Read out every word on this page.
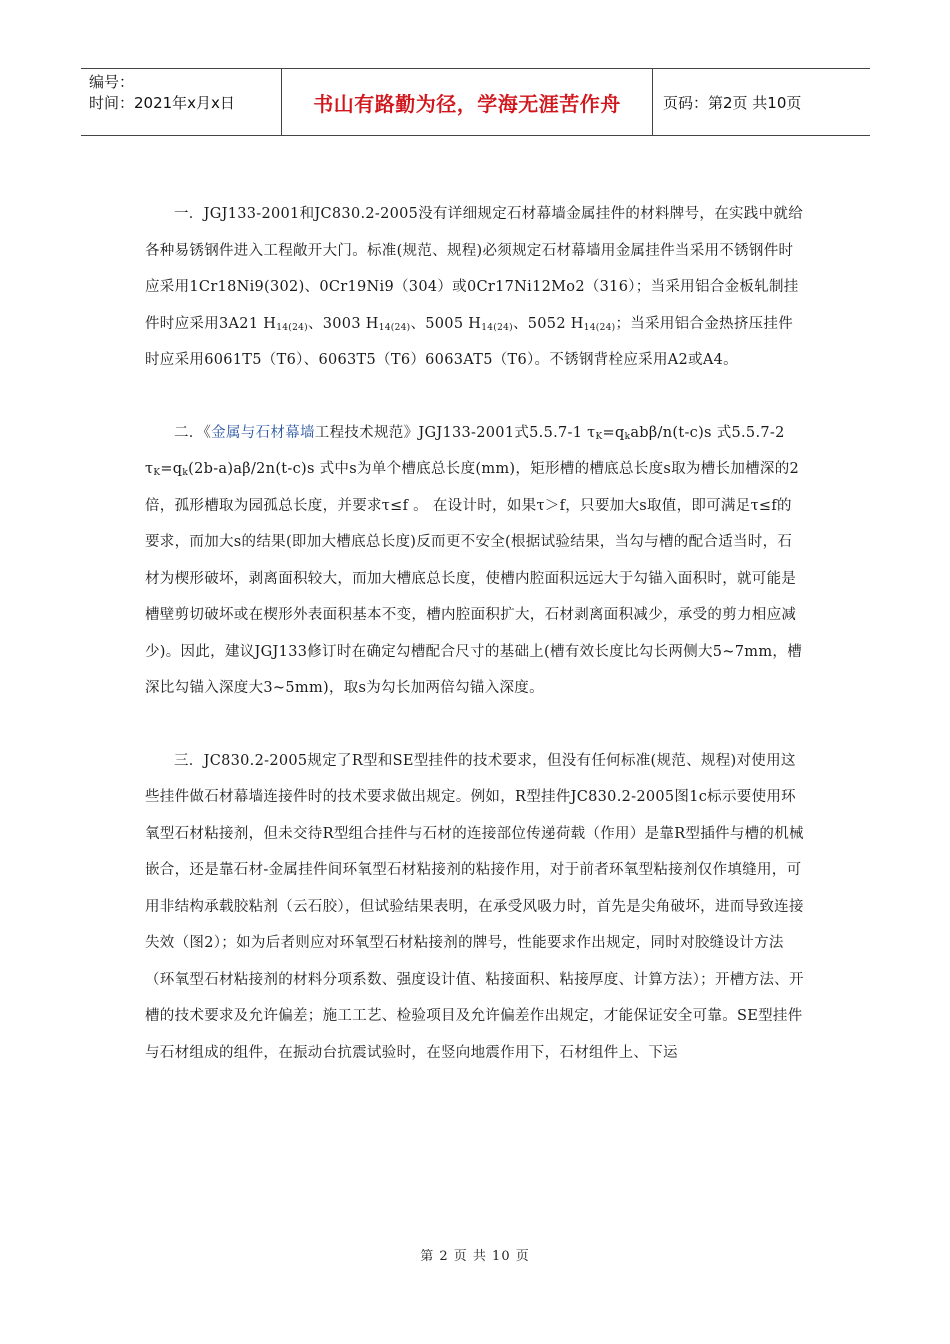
编号：
时间：2021年x月x日	书山有路勤为径，学海无涯苦作舟	页码：第2页 共10页

一．JGJ133-2001和JC830.2-2005没有详细规定石材幕墙金属挂件的材料牌号，在实践中就给各种易锈钢件进入工程敞开大门。标准(规范、规程)必须规定石材幕墙用金属挂件当采用不锈钢件时应采用1Cr18Ni9(302)、0Cr19Ni9（304）或0Cr17Ni12Mo2（316）；当采用铝合金板轧制挂件时应采用3A21 $H_{14(24)}$、3003 $H_{14(24)}$、5005 $H_{14(24)}$、5052 $H_{14(24)}$；当采用铝合金热挤压挂件时应采用6061T5（T6）、6063T5（T6）6063AT5（T6）。不锈钢背栓应采用A2或A4。

二．《金属与石材幕墙工程技术规范》JGJ133-2001式5.5.7-1 $\tau_K=q_kab\beta/n(t-c)s$ 式5.5.7-2 $\tau_K=q_k(2b-a)a\beta/2n(t-c)s$ 式中s为单个槽底总长度(mm)，矩形槽的槽底总长度s取为槽长加槽深的2倍，孤形槽取为园孤总长度，并要求τ≤f 。 在设计时，如果τ＞f，只要加大s取值，即可满足τ≤f的要求，而加大s的结果(即加大槽底总长度)反而更不安全(根据试验结果，当勾与槽的配合适当时，石材为楔形破坏，剥离面积较大，而加大槽底总长度，使槽内腔面积远远大于勾锚入面积时，就可能是槽壁剪切破坏或在楔形外表面积基本不变，槽内腔面积扩大，石材剥离面积减少，承受的剪力相应减少)。因此，建议JGJ133修订时在确定勾槽配合尺寸的基础上(槽有效长度比勾长两侧大5~7mm，槽深比勾锚入深度大3~5mm)，取s为勾长加两倍勾锚入深度。

三．JC830.2-2005规定了R型和SE型挂件的技术要求，但没有任何标准(规范、规程)对使用这些挂件做石材幕墙连接件时的技术要求做出规定。例如，R型挂件JC830.2-2005图1c标示要使用环氧型石材粘接剂，但未交待R型组合挂件与石材的连接部位传递荷载（作用）是靠R型插件与槽的机械嵌合，还是靠石材-金属挂件间环氧型石材粘接剂的粘接作用，对于前者环氧型粘接剂仅作填缝用，可用非结构承载胶粘剂（云石胶），但试验结果表明，在承受风吸力时，首先是尖角破坏，进而导致连接失效（图2）；如为后者则应对环氧型石材粘接剂的牌号，性能要求作出规定，同时对胶缝设计方法（环氧型石材粘接剂的材料分项系数、强度设计值、粘接面积、粘接厚度、计算方法）；开槽方法、开槽的技术要求及允许偏差；施工工艺、检验项目及允许偏差作出规定，才能保证安全可靠。SE型挂件与石材组成的组件，在振动台抗震试验时，在竖向地震作用下，石材组件上、下运

第 2 页 共 10 页
